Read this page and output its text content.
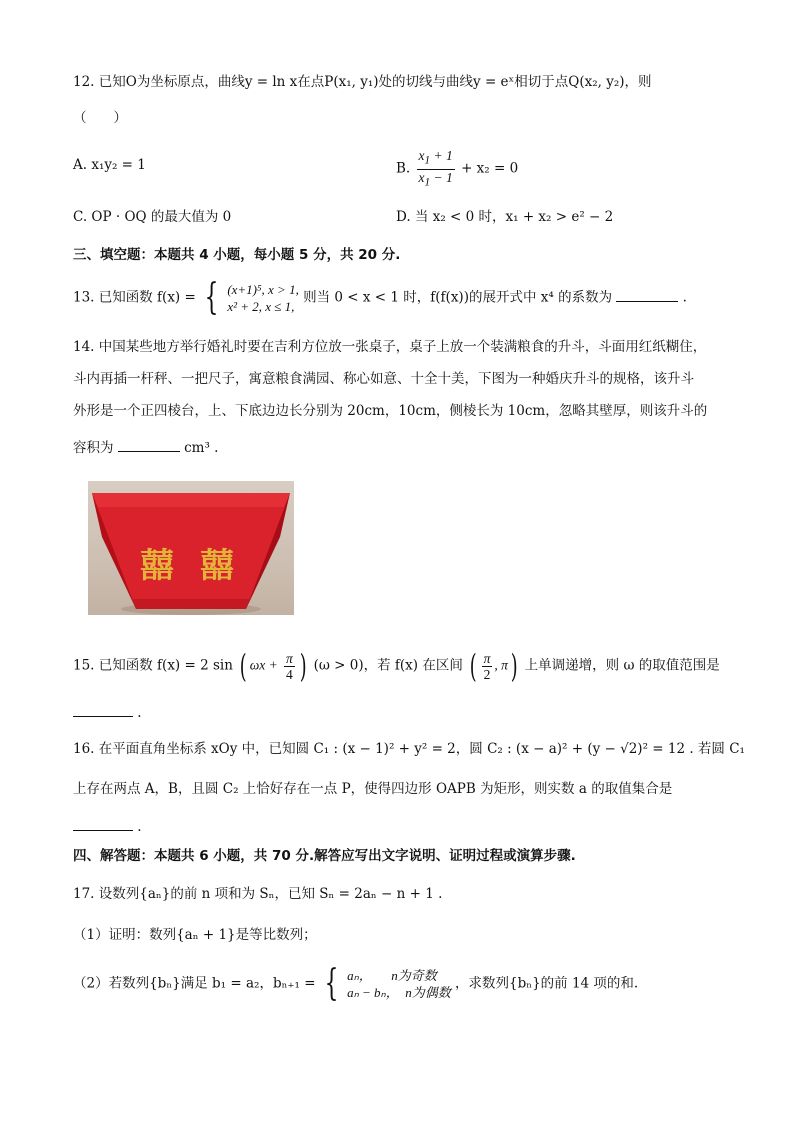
12. 已知O为坐标原点，曲线y = ln x在点P(x₁, y₁)处的切线与曲线y = eˣ相切于点Q(x₂, y₂)，则
（　　）
A. x₁y₂ = 1	B. $\frac{x_1 + 1}{x_1 - 1} + x_2 = 0$
C. OP · OQ 的最大值为 0	D. 当 x₂ < 0 时，x₁ + x₂ > e² − 2
三、填空题：本题共 4 小题，每小题 5 分，共 20 分.
13. 已知函数 f(x) = { (x+1)⁵, x > 1,
x² + 2, x ≤ 1,
则当 0 < x < 1 时，f(f(x))的展开式中 x⁴ 的系数为	.
14. 中国某些地方举行婚礼时要在吉利方位放一张桌子，桌子上放一个装满粮食的升斗，斗面用红纸糊住，
斗内再插一杆秤、一把尺子，寓意粮食满园、称心如意、十全十美，下图为一种婚庆升斗的规格，该升斗
外形是一个正四棱台，上、下底边边长分别为 20cm，10cm，侧棱长为 10cm，忽略其壁厚，则该升斗的
容积为	cm³ .
囍 囍
15. 已知函数 f(x) = 2 sin ( $\omega x + \frac{\pi}{4}$ ) (ω > 0)，若 f(x) 在区间 ( $\frac{\pi}{2}$ , π) 上单调递增，则 ω 的取值范围是
.
16. 在平面直角坐标系 xOy 中，已知圆 C₁ : (x − 1)² + y² = 2，圆 C₂ : (x − a)² + (y − √2)² = 12 . 若圆 C₁
上存在两点 A，B，且圆 C₂ 上恰好存在一点 P，使得四边形 OAPB 为矩形，则实数 a 的取值集合是
.
四、解答题：本题共 6 小题，共 70 分.解答应写出文字说明、证明过程或演算步骤.
17. 设数列{aₙ}的前 n 项和为 Sₙ，已知 Sₙ = 2aₙ − n + 1 .
（1）证明：数列{aₙ + 1}是等比数列；
（2）若数列{bₙ}满足 b₁ = a₂，bₙ₊₁ = { aₙ，　　n为奇数
aₙ − bₙ，　n为偶数
，求数列{bₙ}的前 14 项的和.
